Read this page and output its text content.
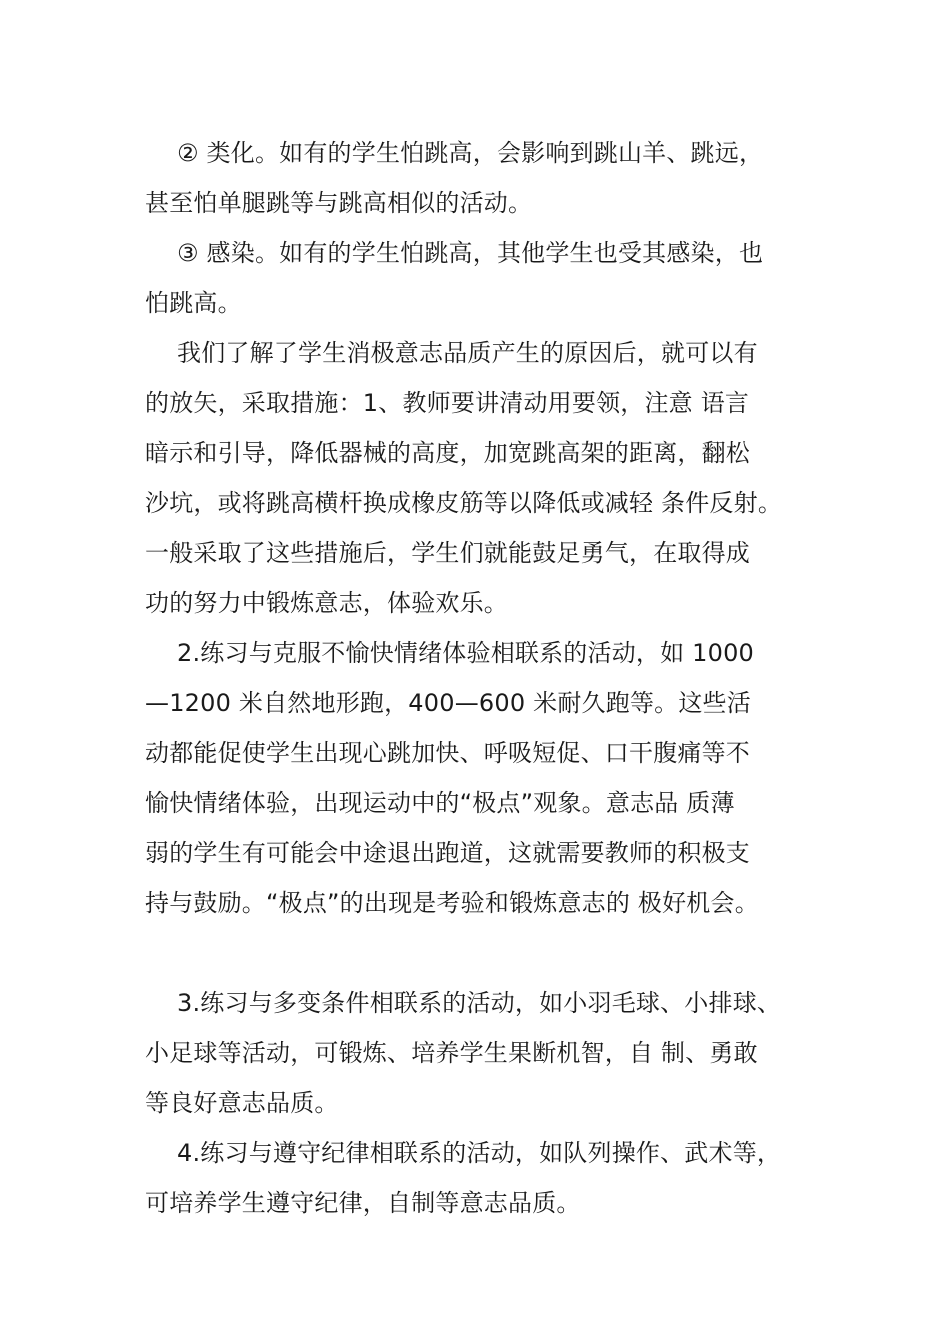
② 类化。如有的学生怕跳高，会影响到跳山羊、跳远，
甚至怕单腿跳等与跳高相似的活动。
③ 感染。如有的学生怕跳高，其他学生也受其感染，也
怕跳高。
我们了解了学生消极意志品质产生的原因后，就可以有
的放矢，采取措施：1、教师要讲清动用要领，注意 语言
暗示和引导，降低器械的高度，加宽跳高架的距离，翻松
沙坑，或将跳高横杆换成橡皮筋等以降低或减轻 条件反射。
一般采取了这些措施后，学生们就能鼓足勇气，在取得成
功的努力中锻炼意志，体验欢乐。
2.练习与克服不愉快情绪体验相联系的活动，如 1000
—1200 米自然地形跑，400—600 米耐久跑等。这些活
动都能促使学生出现心跳加快、呼吸短促、口干腹痛等不
愉快情绪体验，出现运动中的“极点”观象。意志品 质薄
弱的学生有可能会中途退出跑道，这就需要教师的积极支
持与鼓励。“极点”的出现是考验和锻炼意志的 极好机会。
3.练习与多变条件相联系的活动，如小羽毛球、小排球、
小足球等活动，可锻炼、培养学生果断机智，自 制、勇敢
等良好意志品质。
4.练习与遵守纪律相联系的活动，如队列操作、武术等，
可培养学生遵守纪律，自制等意志品质。
